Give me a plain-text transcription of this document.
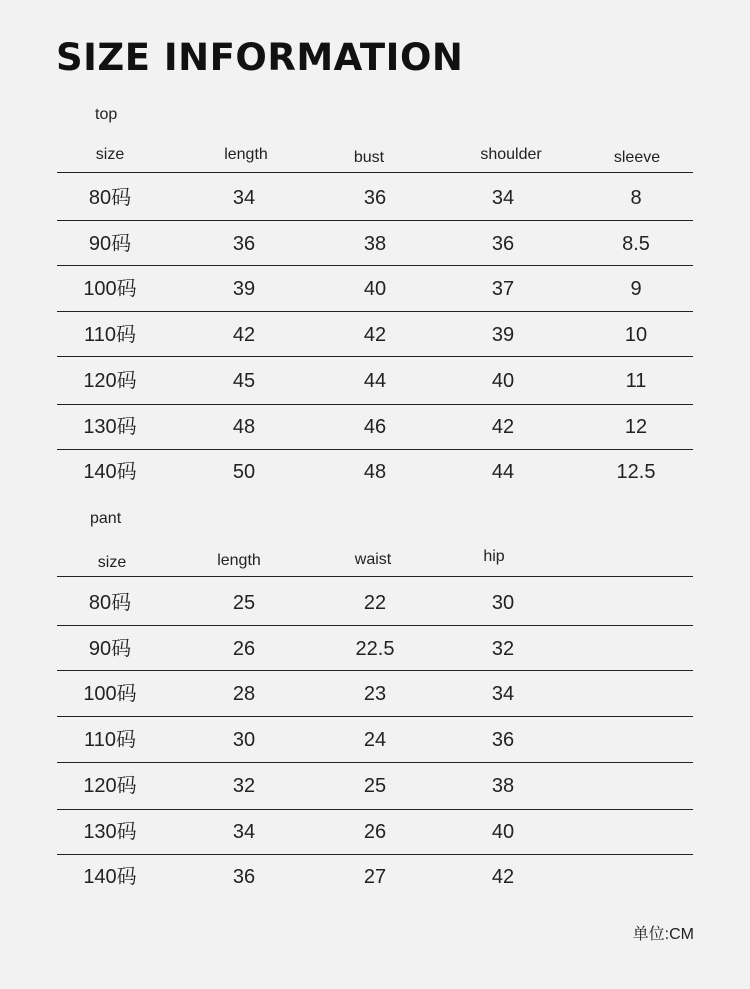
SIZE INFORMATION
top
size	length	bust	shoulder	sleeve
80码	34	36	34	8
90码	36	38	36	8.5
100码	39	40	37	9
110码	42	42	39	10
120码	45	44	40	11
130码	48	46	42	12
140码	50	48	44	12.5
pant
size	length	waist	hip
80码	25	22	30
90码	26	22.5	32
100码	28	23	34
110码	30	24	36
120码	32	25	38
130码	34	26	40
140码	36	27	42
单位:CM
